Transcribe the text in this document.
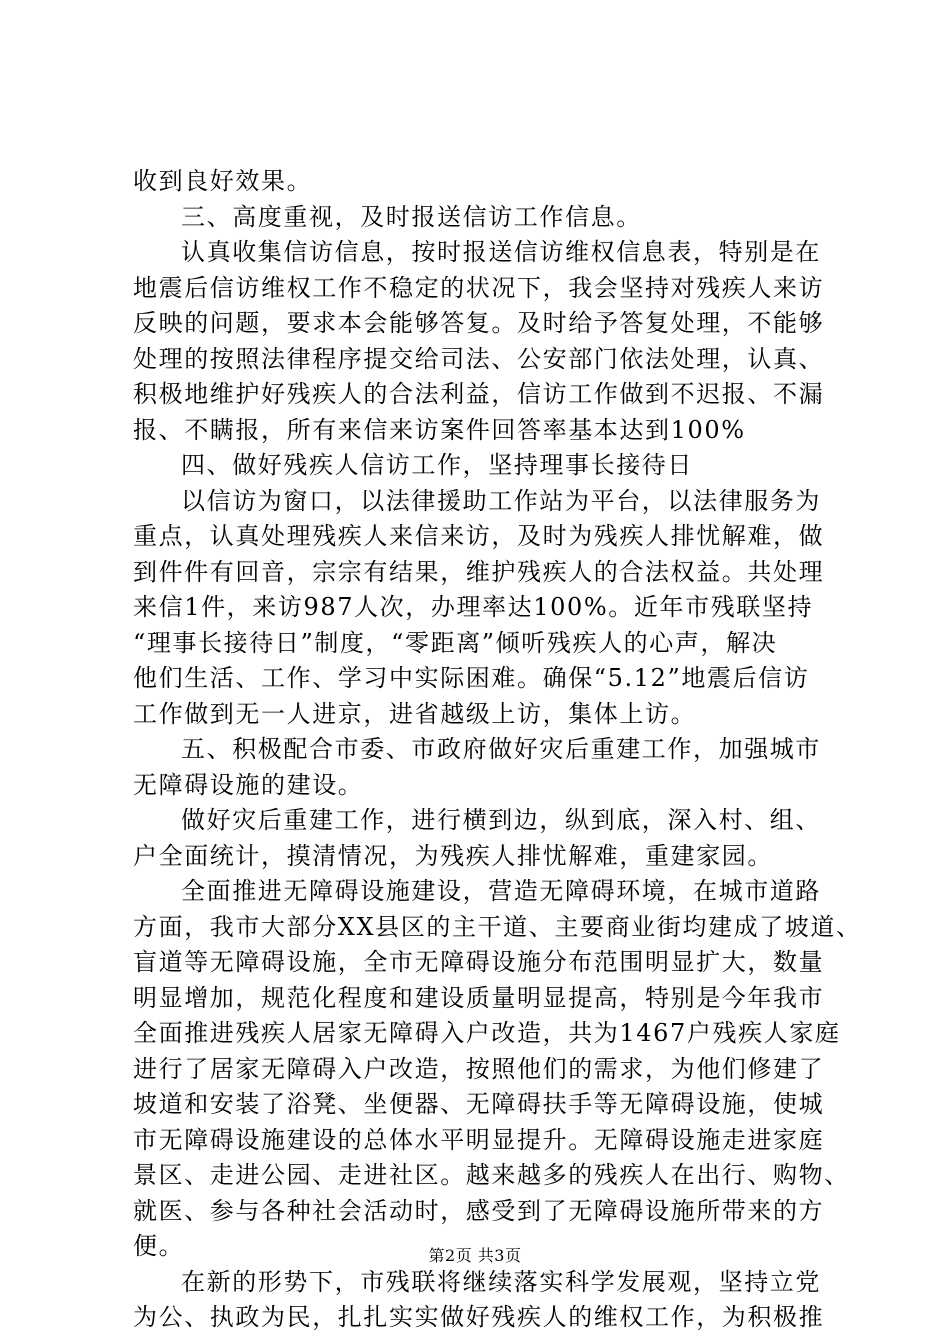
收到良好效果。
三、高度重视，及时报送信访工作信息。
认真收集信访信息，按时报送信访维权信息表，特别是在
地震后信访维权工作不稳定的状况下，我会坚持对残疾人来访
反映的问题，要求本会能够答复。及时给予答复处理，不能够
处理的按照法律程序提交给司法、公安部门依法处理，认真、
积极地维护好残疾人的合法利益，信访工作做到不迟报、不漏
报、不瞒报，所有来信来访案件回答率基本达到100%
四、做好残疾人信访工作，坚持理事长接待日
以信访为窗口，以法律援助工作站为平台，以法律服务为
重点，认真处理残疾人来信来访，及时为残疾人排忧解难，做
到件件有回音，宗宗有结果，维护残疾人的合法权益。共处理
来信1件，来访987人次，办理率达100%。近年市残联坚持
“理事长接待日”制度，“零距离”倾听残疾人的心声，解决
他们生活、工作、学习中实际困难。确保“5.12”地震后信访
工作做到无一人进京，进省越级上访，集体上访。
五、积极配合市委、市政府做好灾后重建工作，加强城市
无障碍设施的建设。
做好灾后重建工作，进行横到边，纵到底，深入村、组、
户全面统计，摸清情况，为残疾人排忧解难，重建家园。
全面推进无障碍设施建设，营造无障碍环境，在城市道路
方面，我市大部分XX县区的主干道、主要商业街均建成了坡道、
盲道等无障碍设施，全市无障碍设施分布范围明显扩大，数量
明显增加，规范化程度和建设质量明显提高，特别是今年我市
全面推进残疾人居家无障碍入户改造，共为1467户残疾人家庭
进行了居家无障碍入户改造，按照他们的需求，为他们修建了
坡道和安装了浴凳、坐便器、无障碍扶手等无障碍设施，使城
市无障碍设施建设的总体水平明显提升。无障碍设施走进家庭
景区、走进公园、走进社区。越来越多的残疾人在出行、购物、
就医、参与各种社会活动时，感受到了无障碍设施所带来的方
便。
在新的形势下，市残联将继续落实科学发展观，坚持立党
为公、执政为民，扎扎实实做好残疾人的维权工作，为积极推
第2页 共3页
